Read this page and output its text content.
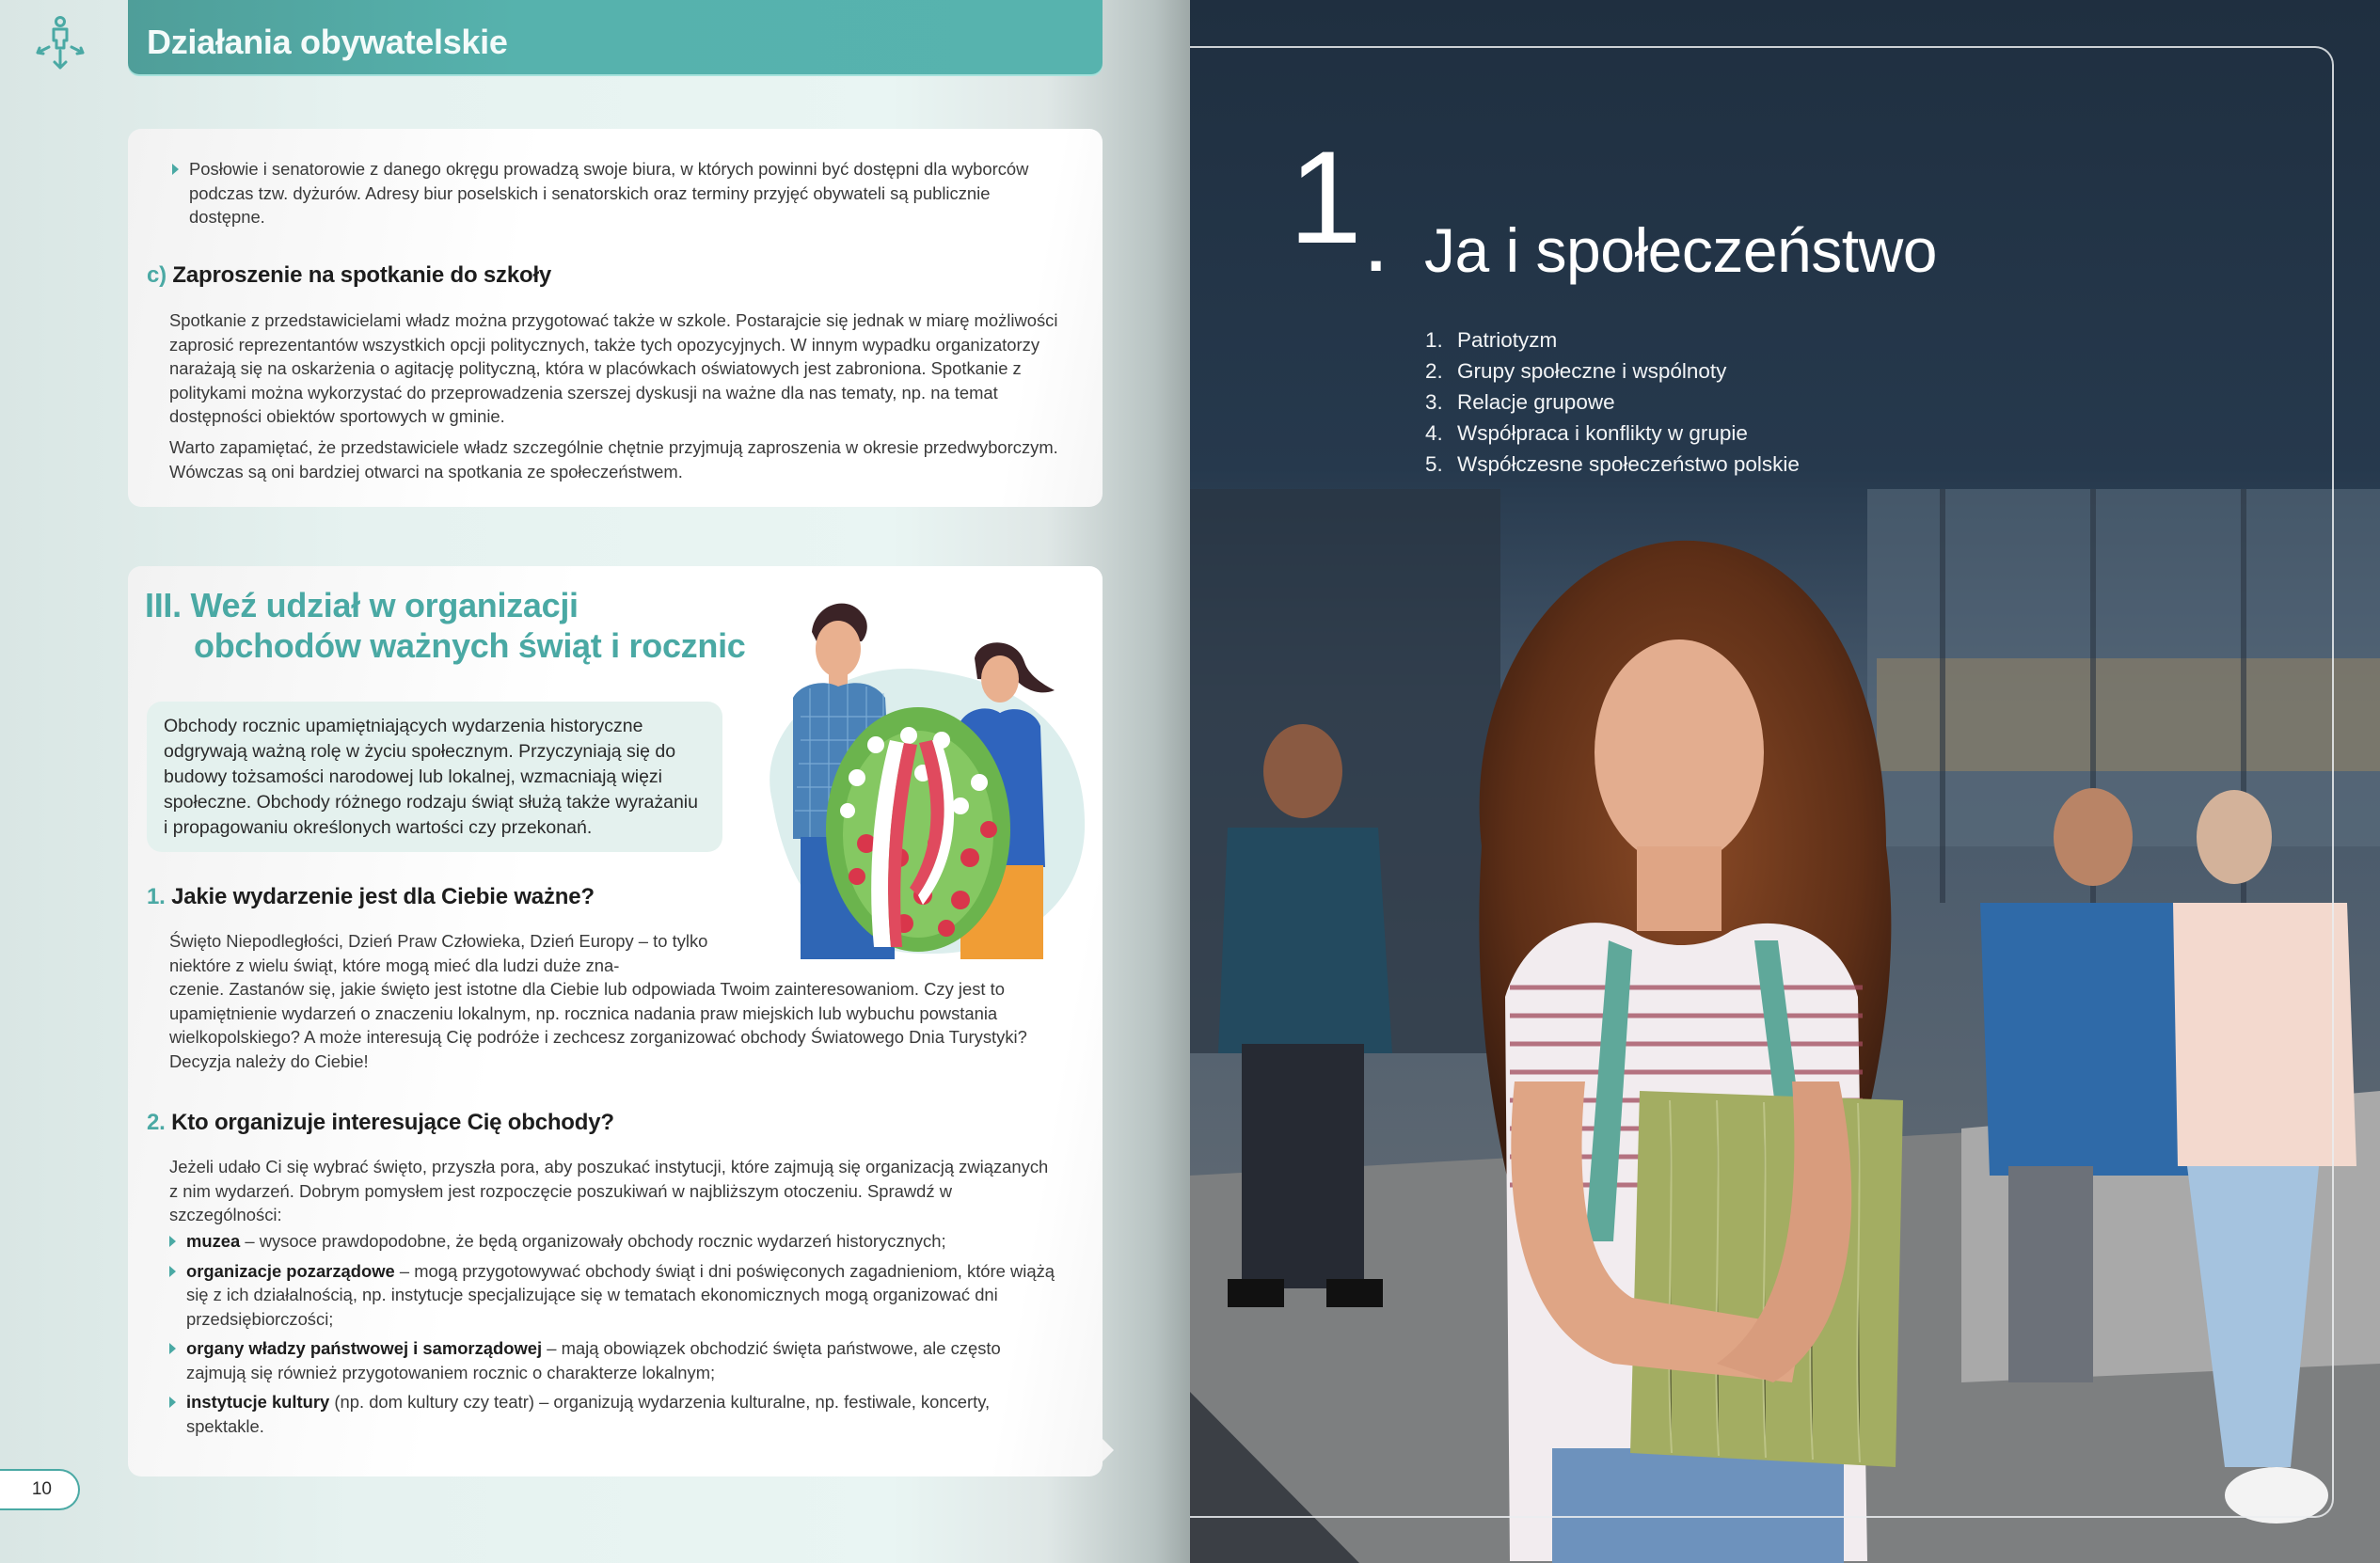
Działania obywatelskie

Posłowie i senatorowie z danego okręgu prowadzą swoje biura, w których powinni być dostępni dla wyborców podczas tzw. dyżurów. Adresy biur poselskich i senatorskich oraz terminy przyjęć obywateli są publicznie dostępne.

c) Zaproszenie na spotkanie do szkoły

Spotkanie z przedstawicielami władz można przygotować także w szkole. Postarajcie się jednak w miarę możliwości zaprosić reprezentantów wszystkich opcji politycznych, także tych opozycyjnych. W innym wypadku organizatorzy narażają się na oskarżenia o agitację polityczną, która w placówkach oświatowych jest zabroniona. Spotkanie z politykami można wykorzystać do przeprowadzenia szerszej dyskusji na ważne dla nas tematy, np. na temat dostępności obiektów sportowych w gminie.

Warto zapamiętać, że przedstawiciele władz szczególnie chętnie przyjmują zaproszenia w okresie przedwyborczym. Wówczas są oni bardziej otwarci na spotkania ze społeczeństwem.

III. Weź udział w organizacji
obchodów ważnych świąt i rocznic
Obchody rocznic upamiętniających wydarzenia historyczne odgrywają ważną rolę w życiu społecznym. Przyczyniają się do budowy tożsamości narodowej lub lokalnej, wzmacniają więzi społeczne. Obchody różnego rodzaju świąt służą także wyrażaniu i propagowaniu określonych wartości czy przekonań.
1. Jakie wydarzenie jest dla Ciebie ważne?
Święto Niepodległości, Dzień Praw Człowieka, Dzień Europy – to tylko niektóre z wielu świąt, które mogą mieć dla ludzi duże zna-
czenie. Zastanów się, jakie święto jest istotne dla Ciebie lub odpowiada Twoim zainteresowaniom. Czy jest to upamiętnienie wydarzeń o znaczeniu lokalnym, np. rocznica nadania praw miejskich lub wybuchu powstania wielkopolskiego? A może interesują Cię podróże i zechcesz zorganizować obchody Światowego Dnia Turystyki? Decyzja należy do Ciebie!
2. Kto organizuje interesujące Cię obchody?

Jeżeli udało Ci się wybrać święto, przyszła pora, aby poszukać instytucji, które zajmują się organizacją związanych z nim wydarzeń. Dobrym pomysłem jest rozpoczęcie poszukiwań w najbliższym otoczeniu. Sprawdź w szczególności:

muzea – wysoce prawdopodobne, że będą organizowały obchody rocznic wydarzeń historycznych;
organizacje pozarządowe – mogą przygotowywać obchody świąt i dni poświęconych zagadnieniom, które wiążą się z ich działalnością, np. instytucje specjalizujące się w tematach ekonomicznych mogą organizować dni przedsiębiorczości;
organy władzy państwowej i samorządowej – mają obowiązek obchodzić święta państwowe, ale często zajmują się również przygotowaniem rocznic o charakterze lokalnym;
instytucje kultury (np. dom kultury czy teatr) – organizują wydarzenia kulturalne, np. festiwale, koncerty, spektakle.
10
1 . Ja i społeczeństwo
1. Patriotyzm
2. Grupy społeczne i wspólnoty
3. Relacje grupowe
4. Współpraca i konflikty w grupie
5. Współczesne społeczeństwo polskie
